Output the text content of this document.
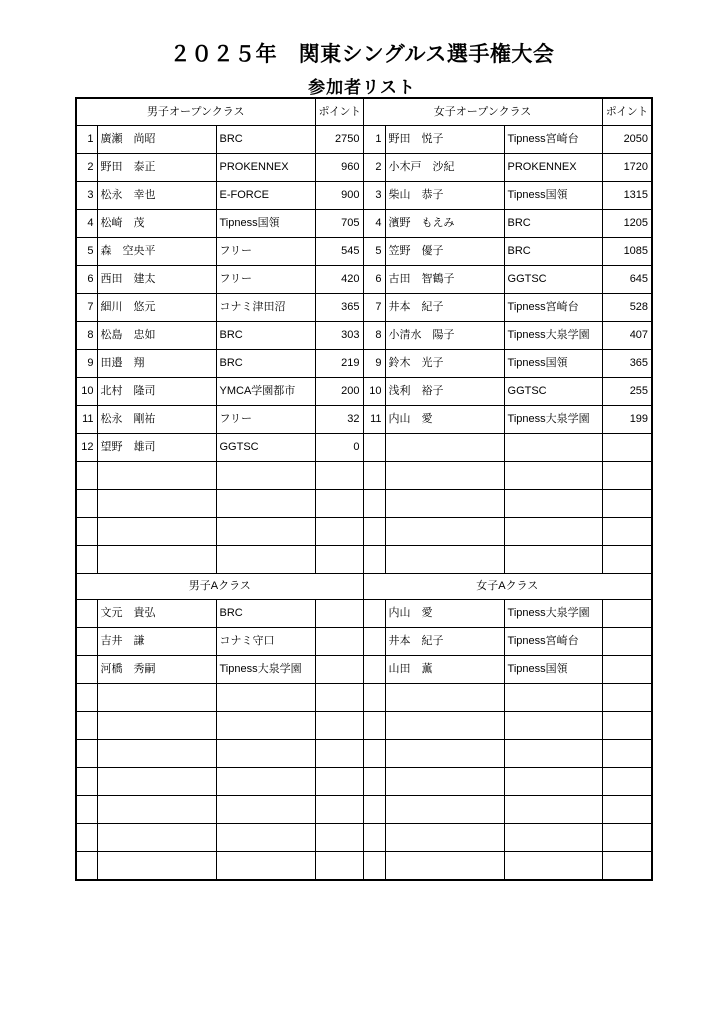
２０２５年　関東シングルス選手権大会
参加者リスト
男子オープンクラス			ポイント	女子オープンクラス			ポイント
1	廣瀬　尚昭	BRC	2750	1	野田　悦子	Tipness宮崎台	2050
2	野田　泰正	PROKENNEX	960	2	小木戸　沙紀	PROKENNEX	1720
3	松永　幸也	E-FORCE	900	3	柴山　恭子	Tipness国領	1315
4	松崎　茂	Tipness国領	705	4	濱野　もえみ	BRC	1205
5	森　空央平	フリー	545	5	笠野　優子	BRC	1085
6	西田　建太	フリー	420	6	古田　智鶴子	GGTSC	645
7	細川　悠元	コナミ津田沼	365	7	井本　紀子	Tipness宮崎台	528
8	松島　忠如	BRC	303	8	小清水　陽子	Tipness大泉学園	407
9	田邉　翔	BRC	219	9	鈴木　光子	Tipness国領	365
10	北村　隆司	YMCA学園都市	200	10	浅利　裕子	GGTSC	255
11	松永　剛祐	フリー	32	11	内山　愛	Tipness大泉学園	199
12	望野　雄司	GGTSC	0				

男子Aクラス				女子Aクラス			
	文元　貴弘	BRC			内山　愛	Tipness大泉学園	
	吉井　謙	コナミ守口			井本　紀子	Tipness宮崎台	
	河橋　秀嗣	Tipness大泉学園			山田　薫	Tipness国領	
